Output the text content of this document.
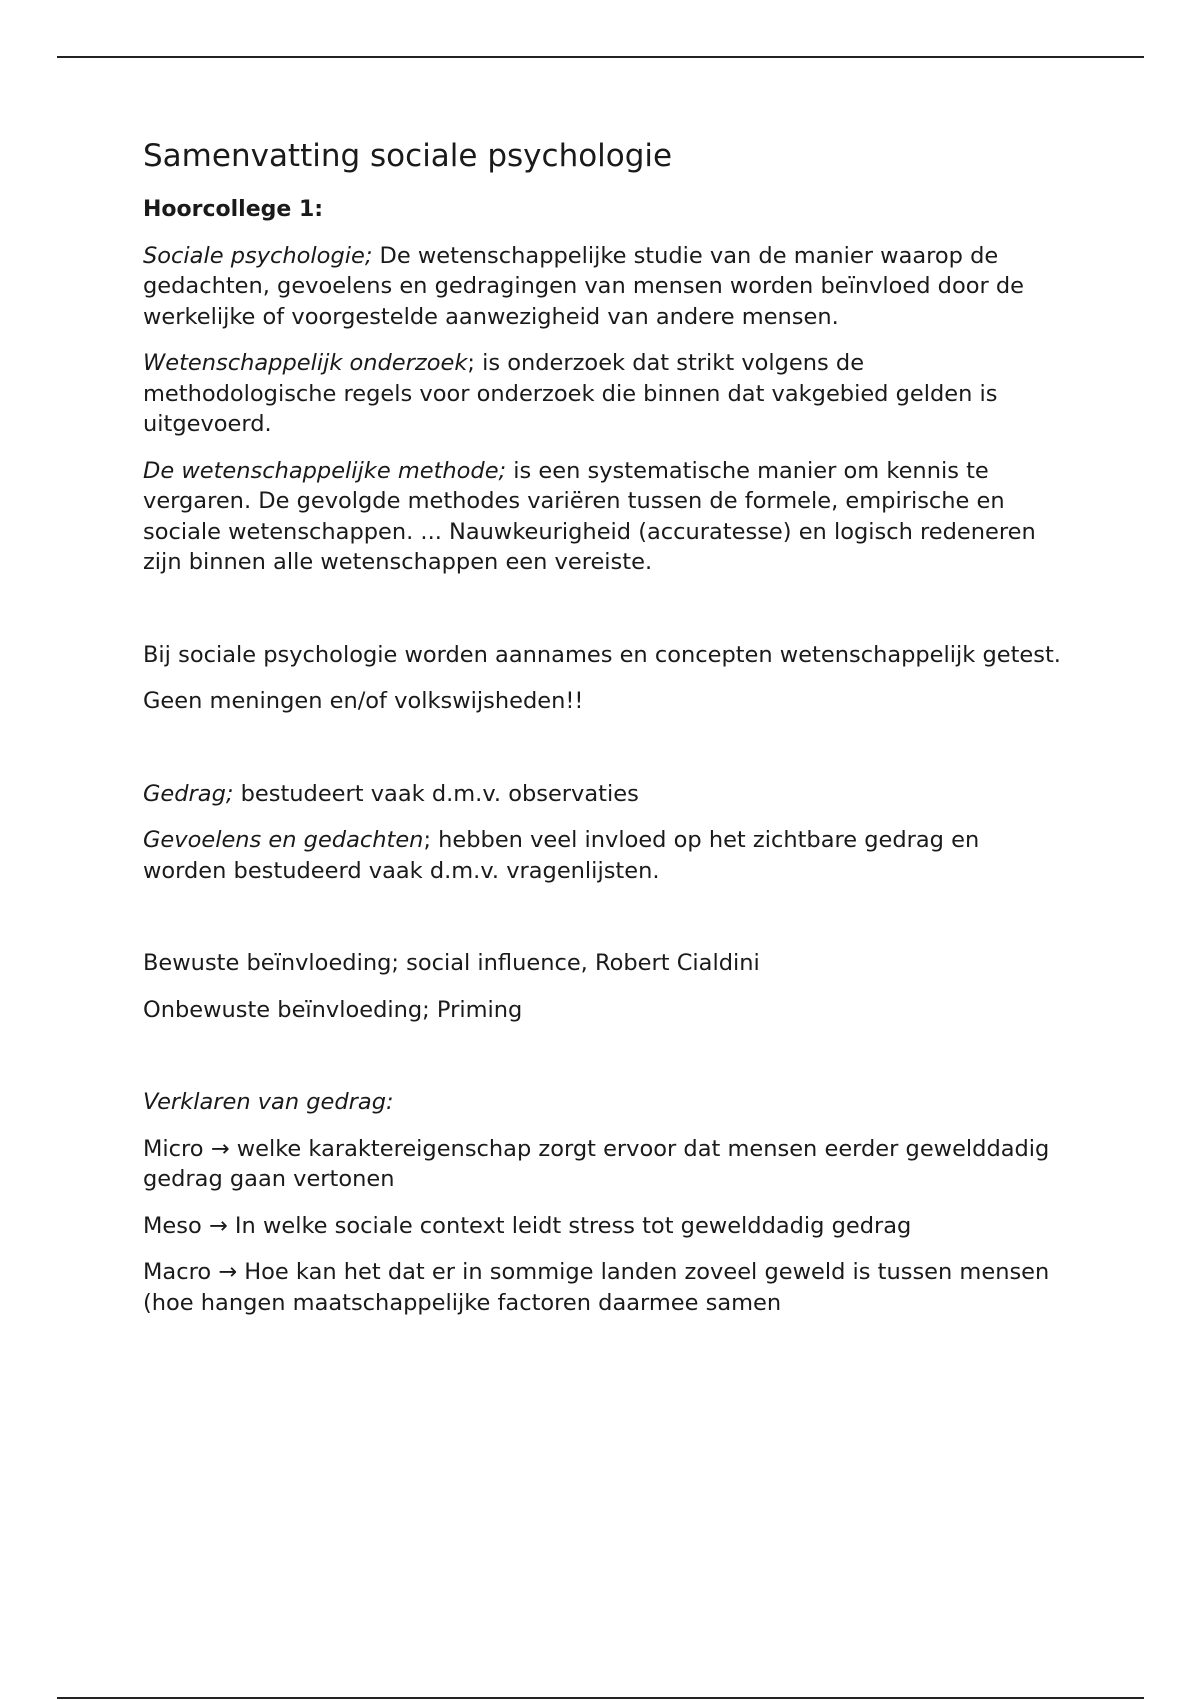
Samenvatting sociale psychologie
Hoorcollege 1:

Sociale psychologie; De wetenschappelijke studie van de manier waarop de gedachten, gevoelens en gedragingen van mensen worden beïnvloed door de werkelijke of voorgestelde aanwezigheid van andere mensen.

Wetenschappelijk onderzoek; is onderzoek dat strikt volgens de methodologische regels voor onderzoek die binnen dat vakgebied gelden is uitgevoerd.

De wetenschappelijke methode; is een systematische manier om kennis te vergaren. De gevolgde methodes variëren tussen de formele, empirische en sociale wetenschappen. ... Nauwkeurigheid (accuratesse) en logisch redeneren zijn binnen alle wetenschappen een vereiste.

Bij sociale psychologie worden aannames en concepten wetenschappelijk getest.

Geen meningen en/of volkswijsheden!!

Gedrag; bestudeert vaak d.m.v. observaties

Gevoelens en gedachten; hebben veel invloed op het zichtbare gedrag en worden bestudeerd vaak d.m.v. vragenlijsten.

Bewuste beïnvloeding; social influence, Robert Cialdini

Onbewuste beïnvloeding; Priming

Verklaren van gedrag:

Micro → welke karaktereigenschap zorgt ervoor dat mensen eerder gewelddadig gedrag gaan vertonen

Meso → In welke sociale context leidt stress tot gewelddadig gedrag

Macro → Hoe kan het dat er in sommige landen zoveel geweld is tussen mensen (hoe hangen maatschappelijke factoren daarmee samen
